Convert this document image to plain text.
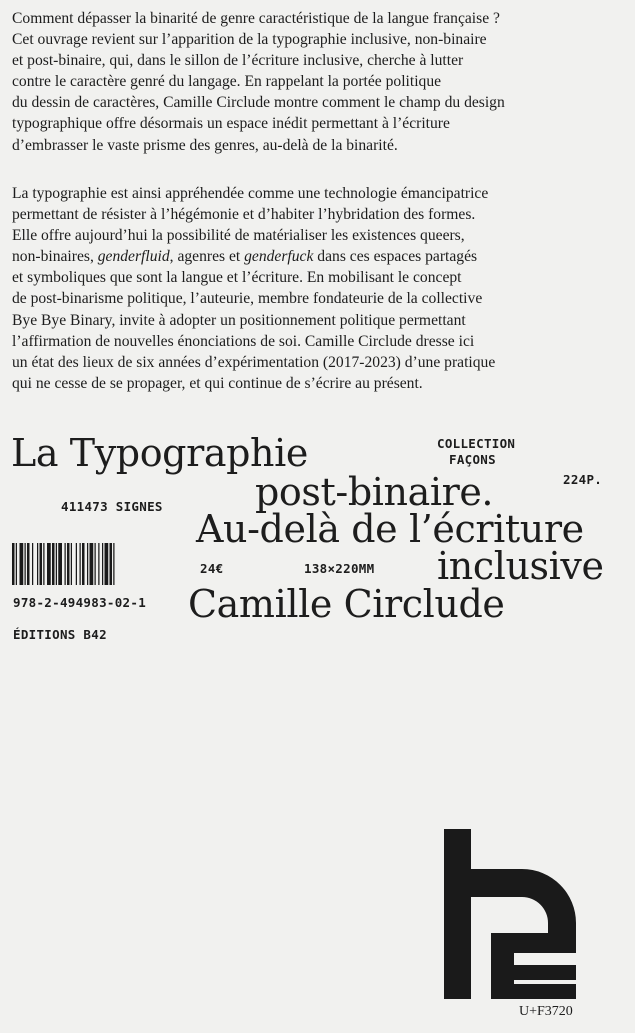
Comment dépasser la binarité de genre caractéristique de la langue française ?
Cet ouvrage revient sur l’apparition de la typographie inclusive, non-binaire
et post-binaire, qui, dans le sillon de l’écriture inclusive, cherche à lutter
contre le caractère genré du langage. En rappelant la portée politique
du dessin de caractères, Camille Circlude montre comment le champ du design
typographique offre désormais un espace inédit permettant à l’écriture
d’embrasser le vaste prisme des genres, au-delà de la binarité.

La typographie est ainsi appréhendée comme une technologie émancipatrice
permettant de résister à l’hégémonie et d’habiter l’hybridation des formes.
Elle offre aujourd’hui la possibilité de matérialiser les existences queers,
non-binaires, genderfluid, agenres et genderfuck dans ces espaces partagés
et symboliques que sont la langue et l’écriture. En mobilisant le concept
de post-binarisme politique, l’auteurie, membre fondateurie de la collective
Bye Bye Binary, invite à adopter un positionnement politique permettant
l’affirmation de nouvelles énonciations de soi. Camille Circlude dresse ici
un état des lieux de six années d’expérimentation (2017-2023) d’une pratique
qui ne cesse de se propager, et qui continue de s’écrire au présent.

La Typographie
post-binaire.
Au-delà de l’écriture
inclusive
Camille Circlude
COLLECTION
FAÇONS
224P.
411473 SIGNES
24€	138×220MM
978-2-494983-02-1
ÉDITIONS B42
U+F3720
